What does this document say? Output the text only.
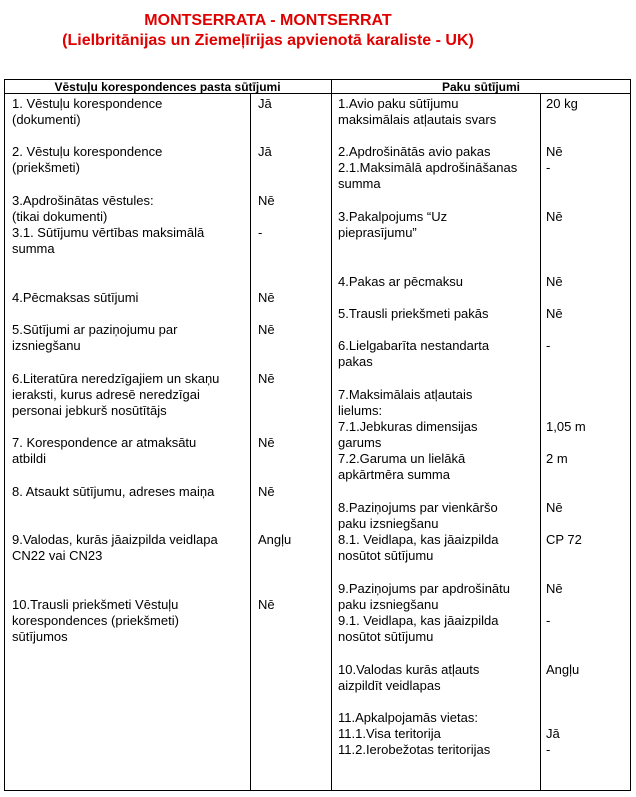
MONTSERRATA - MONTSERRAT
(Lielbritānijas un Ziemeļīrijas apvienotā karaliste - UK)
Vēstuļu korespondences pasta sūtījumi	Paku sūtījumi
1. Vēstuļu korespondence
(dokumenti)
Jā
2. Vēstuļu korespondence
(priekšmeti)
Jā
3.Apdrošinātas vēstules:
(tikai dokumenti)
Nē
3.1. Sūtījumu vērtības maksimālā
summa
-
4.Pēcmaksas sūtījumi	Nē
5.Sūtījumi ar paziņojumu par
izsniegšanu
Nē
6.Literatūra neredzīgajiem un skaņu
ieraksti, kurus adresē neredzīgai
personai jebkurš nosūtītājs
Nē
7. Korespondence ar atmaksātu
atbildi
Nē
8. Atsaukt sūtījumu, adreses maiņa	Nē
9.Valodas, kurās jāaizpilda veidlapa
CN22 vai CN23
Angļu
10.Trausli priekšmeti Vēstuļu
korespondences (priekšmeti)
sūtījumos
Nē
1.Avio paku sūtījumu
maksimālais atļautais svars
20 kg
2.Apdrošinātās avio pakas	Nē
2.1.Maksimālā apdrošināšanas
summa
-
3.Pakalpojums “Uz
pieprasījumu”
Nē
4.Pakas ar pēcmaksu	Nē
5.Trausli priekšmeti pakās	Nē
6.Lielgabarīta nestandarta
pakas
-
7.Maksimālais atļautais
lielums:
7.1.Jebkuras dimensijas
garums
1,05 m
7.2.Garuma un lielākā
apkārtmēra summa
2 m
8.Paziņojums par vienkāršo
paku izsniegšanu
Nē
8.1. Veidlapa, kas jāaizpilda
nosūtot sūtījumu
CP 72
9.Paziņojums par apdrošinātu
paku izsniegšanu
Nē
9.1. Veidlapa, kas jāaizpilda
nosūtot sūtījumu
-
10.Valodas kurās atļauts
aizpildīt veidlapas
Angļu
11.Apkalpojamās vietas:
11.1.Visa teritorija	Jā
11.2.Ierobežotas teritorijas	-
